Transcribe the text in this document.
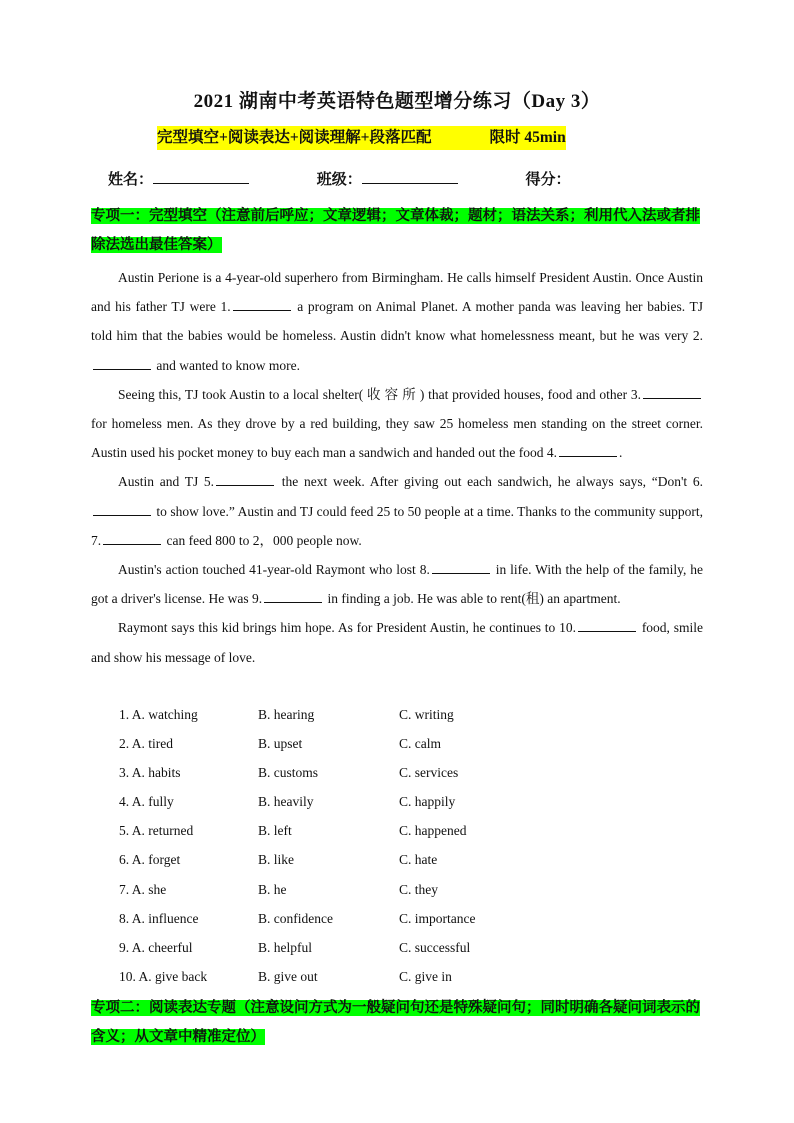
2021 湖南中考英语特色题型增分练习（Day 3）
完型填空+阅读表达+阅读理解+段落匹配	限时 45min
姓名：	班级：	得分：
专项一：完型填空（注意前后呼应；文章逻辑；文章体裁；题材；语法关系；利用代入法或者排除法选出最佳答案）

Austin Perione is a 4-year-old superhero from Birmingham. He calls himself President Austin. Once Austin and his father TJ were 1.	a program on Animal Planet. A mother panda was leaving her babies. TJ told him that the babies would be homeless. Austin didn't know what homelessness meant, but he was very 2. and wanted to know more.

Seeing this, TJ took Austin to a local shelter( 收 容 所 ) that provided houses, food and other 3. for homeless men. As they drove by a red building, they saw 25 homeless men standing on the street corner. Austin used his pocket money to buy each man a sandwich and handed out the food 4.	.

Austin and TJ 5.	the next week. After giving out each sandwich, he always says, “Don't 6. to show love.” Austin and TJ could feed 25 to 50 people at a time. Thanks to the community support, 7.	can feed 800 to 2，000 people now.

Austin's action touched 41-year-old Raymont who lost 8.	in life. With the help of the family, he got a driver's license. He was 9.	in finding a job. He was able to rent(租) an apartment.

Raymont says this kid brings him hope. As for President Austin, he continues to 10.	food, smile and show his message of love.

1. A. watching	B. hearing	C. writing
2. A. tired	B. upset	C. calm
3. A. habits	B. customs	C. services
4. A. fully	B. heavily	C. happily
5. A. returned	B. left	C. happened
6. A. forget	B. like	C. hate
7. A. she	B. he	C. they
8. A. influence	B. confidence	C. importance
9. A. cheerful	B. helpful	C. successful
10. A. give back	B. give out	C. give in
专项二：阅读表达专题（注意设问方式为一般疑问句还是特殊疑问句；同时明确各疑问词表示的含义；从文章中精准定位）
